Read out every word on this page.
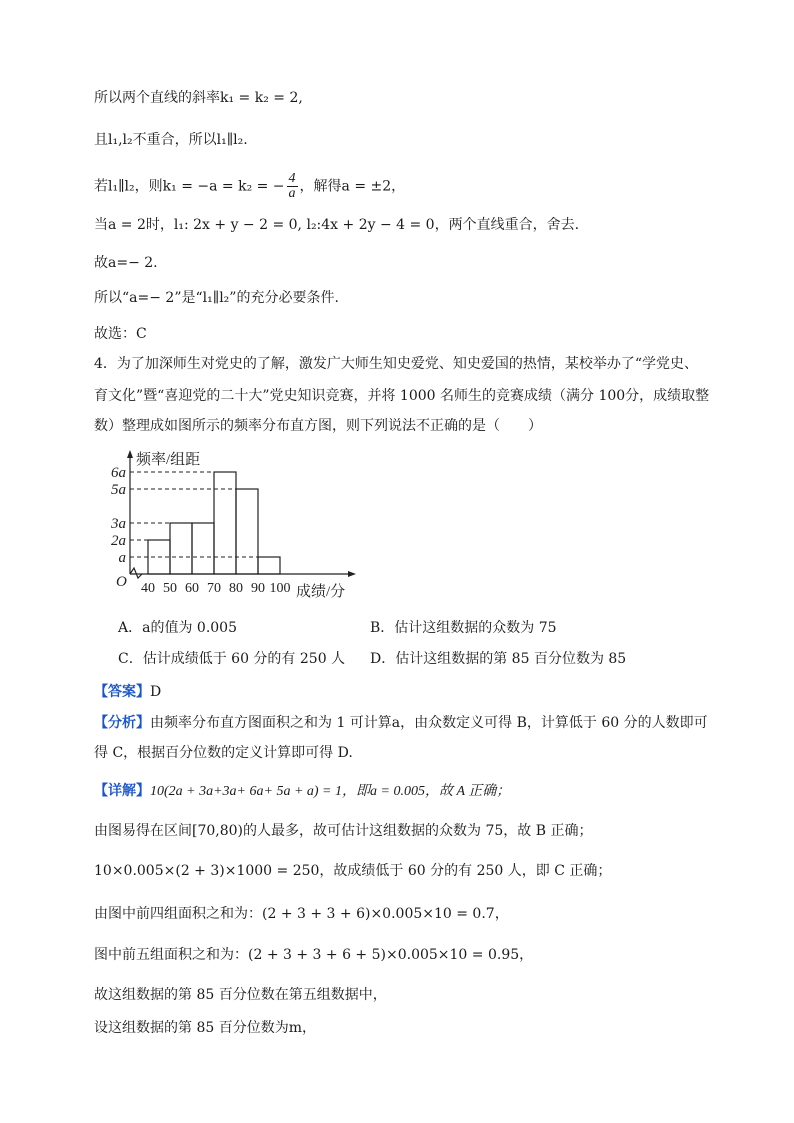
所以两个直线的斜率k₁ = k₂ = 2,
且l₁,l₂不重合，所以l₁∥l₂.
若l₁∥l₂，则k₁ = −a = k₂ = − $\frac{4}{a}$ ，解得a = ±2，
当a = 2时，l₁: 2x + y − 2 = 0, l₂:4x + 2y − 4 = 0，两个直线重合，舍去.
故a=− 2.
所以“a=− 2”是“l₁∥l₂”的充分必要条件.
故选：C
4．为了加深师生对党史的了解，激发广大师生知史爱党、知史爱国的热情，某校举办了“学党史、
育文化”暨“喜迎党的二十大”党史知识竞赛，并将 1000 名师生的竞赛成绩（满分 100分，成绩取整
数）整理成如图所示的频率分布直方图，则下列说法不正确的是（　　）
a
2a
3a
5a
6a
40 50 60 70 80 90 100
O
频率/组距
成绩/分
A．a的值为 0.005	B．估计这组数据的众数为 75
C．估计成绩低于 60 分的有 250 人 D．估计这组数据的第 85 百分位数为 85
【答案】D
【分析】由频率分布直方图面积之和为 1 可计算a，由众数定义可得 B，计算低于 60 分的人数即可
得 C，根据百分位数的定义计算即可得 D.
【详解】10(2a + 3a+3a+ 6a+ 5a + a) = 1，即a = 0.005，故 A 正确；
由图易得在区间[70,80)的人最多，故可估计这组数据的众数为 75，故 B 正确；
10×0.005×(2 + 3)×1000 = 250，故成绩低于 60 分的有 250 人，即 C 正确；
由图中前四组面积之和为：(2 + 3 + 3 + 6)×0.005×10 = 0.7，
图中前五组面积之和为：(2 + 3 + 3 + 6 + 5)×0.005×10 = 0.95，
故这组数据的第 85 百分位数在第五组数据中，
设这组数据的第 85 百分位数为m，
